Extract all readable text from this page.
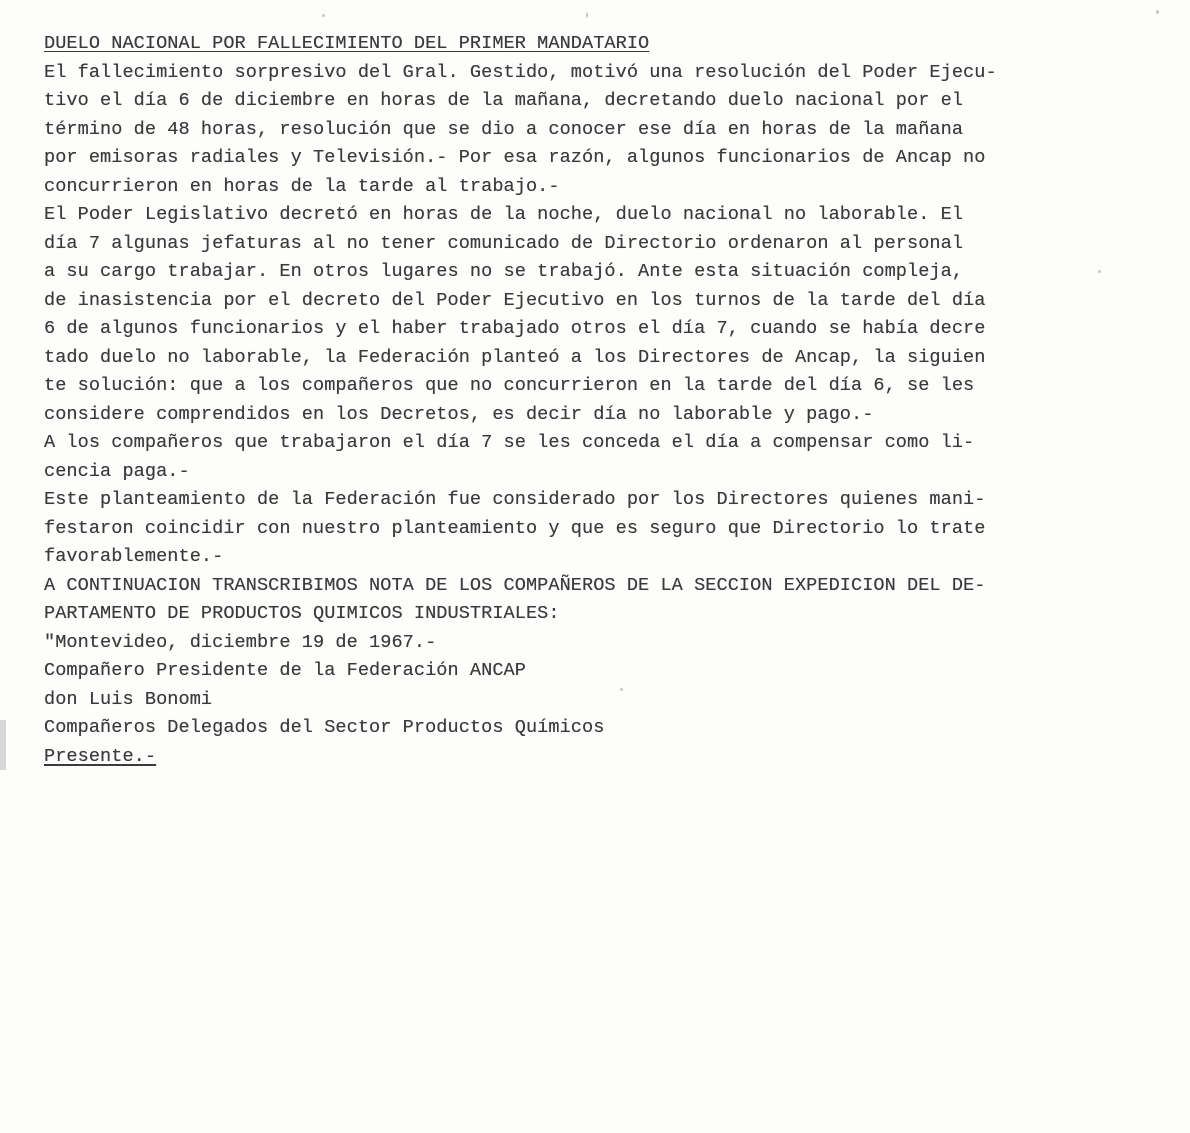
DUELO NACIONAL POR FALLECIMIENTO DEL PRIMER MANDATARIO
El fallecimiento sorpresivo del Gral. Gestido, motivó una resolución del Poder Ejecu-
tivo el día 6 de diciembre en horas de la mañana, decretando duelo nacional por el
término de 48 horas, resolución que se dio a conocer ese día en horas de la mañana
por emisoras radiales y Televisión.- Por esa razón, algunos funcionarios de Ancap no
concurrieron en horas de la tarde al trabajo.-
El Poder Legislativo decretó en horas de la noche, duelo nacional no laborable. El
día 7 algunas jefaturas al no tener comunicado de Directorio ordenaron al personal
a su cargo trabajar. En otros lugares no se trabajó. Ante esta situación compleja,
de inasistencia por el decreto del Poder Ejecutivo en los turnos de la tarde del día
6 de algunos funcionarios y el haber trabajado otros el día 7, cuando se había decre
tado duelo no laborable, la Federación planteó a los Directores de Ancap, la siguien
te solución: que a los compañeros que no concurrieron en la tarde del día 6, se les
considere comprendidos en los Decretos, es decir día no laborable y pago.-
A los compañeros que trabajaron el día 7 se les conceda el día a compensar como li-
cencia paga.-
Este planteamiento de la Federación fue considerado por los Directores quienes mani-
festaron coincidir con nuestro planteamiento y que es seguro que Directorio lo trate
favorablemente.-
A CONTINUACION TRANSCRIBIMOS NOTA DE LOS COMPAÑEROS DE LA SECCION EXPEDICION DEL DE-
PARTAMENTO DE PRODUCTOS QUIMICOS INDUSTRIALES:
"Montevideo, diciembre 19 de 1967.-
Compañero Presidente de la Federación ANCAP
don Luis Bonomi
Compañeros Delegados del Sector Productos Químicos
Presente.-
